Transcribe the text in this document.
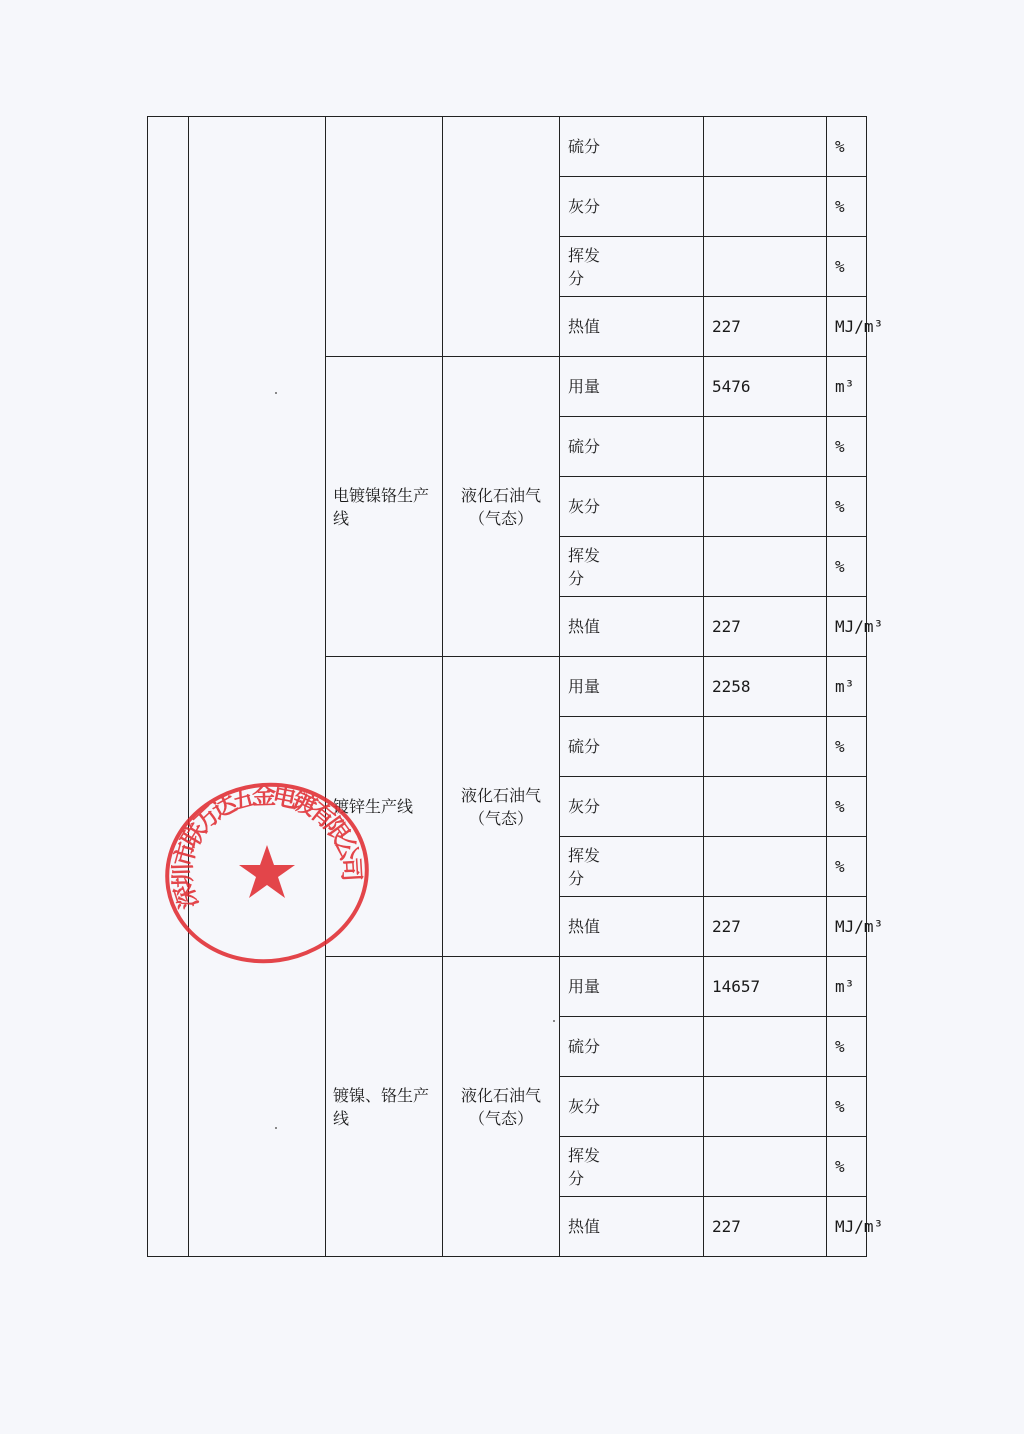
				硫分		%	

				灰分		%	

				挥发分		%	

				热值	227	MJ/m³	
		电镀镍铬生产线	液化石油气（气态）	用量	5476	m³	

				硫分		%	

				灰分		%	

				挥发分		%	

				热值	227	MJ/m³	
		镀锌生产线	液化石油气（气态）	用量	2258	m³	

				硫分		%	

				灰分		%	

				挥发分		%	

				热值	227	MJ/m³	
		镀镍、铬生产线	液化石油气（气态）	用量	14657	m³	

				硫分		%	

				灰分		%	

				挥发分		%	

				热值	227	MJ/m³	
深圳市联万达五金电镀有限公司
